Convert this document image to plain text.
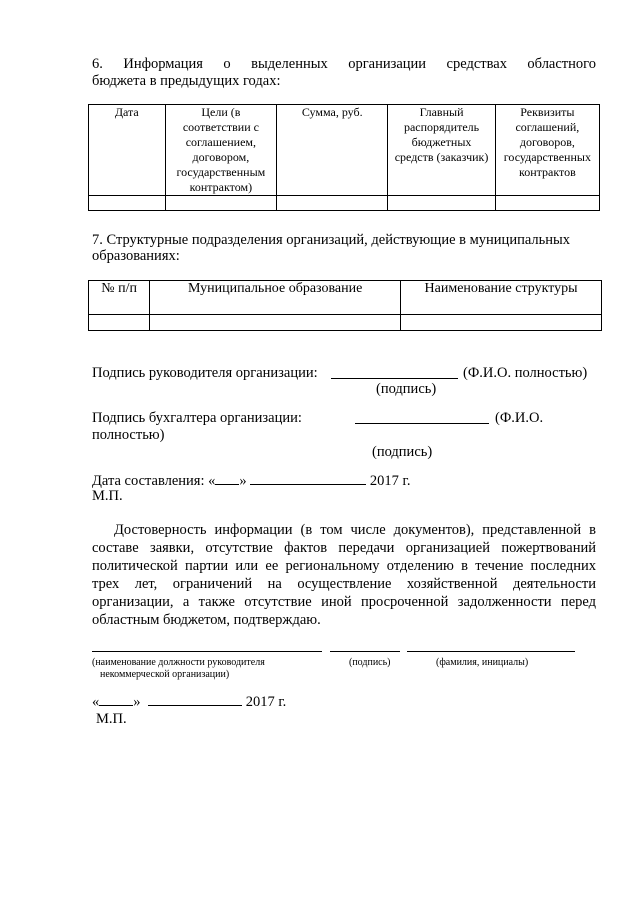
6. Информация о выделенных организации средствах областного
бюджета в предыдущих годах:
Дата	Цели (в соответствии с соглашением, договором, государственным контрактом)	Сумма, руб.	Главный распорядитель бюджетных средств (заказчик)	Реквизиты соглашений, договоров, государственных контрактов

7. Структурные подразделения организаций, действующие в муниципальных
образованиях:
№ п/п	Муниципальное образование	Наименование структуры

Подпись руководителя организации:	(Ф.И.О. полностью)
(подпись)
Подпись бухгалтера организации:	(Ф.И.О.
полностью)
(подпись)
Дата составления: « »	2017 г.
М.П.
Достоверность информации (в том числе документов), представленной в
составе заявки, отсутствие фактов передачи организацией пожертвований
политической партии или ее региональному отделению в течение последних
трех лет, ограничений на осуществление хозяйственной деятельности
организации, а также отсутствие иной просроченной задолженности перед
областным бюджетом, подтверждаю.
(наименование должности руководителя
некоммерческой организации)
(подпись)	(фамилия, инициалы)
« »	2017 г.
М.П.
